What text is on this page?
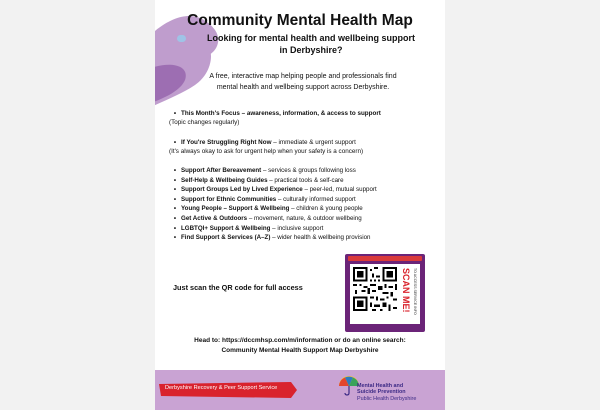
Community Mental Health Map
Looking for mental health and wellbeing support
in Derbyshire?
A free, interactive map helping people and professionals find
mental health and wellbeing support across Derbyshire.
• This Month's Focus – awareness, information, & access to support
(Topic changes regularly)
• If You're Struggling Right Now – immediate & urgent support
(It's always okay to ask for urgent help when your safety is a concern)
• Support After Bereavement – services & groups following loss
• Self-Help & Wellbeing Guides – practical tools & self-care
• Support Groups Led by Lived Experience – peer-led, mutual support
• Support for Ethnic Communities – culturally informed support
• Young People – Support & Wellbeing – children & young people
• Get Active & Outdoors – movement, nature, & outdoor wellbeing
• LGBTQI+ Support & Wellbeing – inclusive support
• Find Support & Services (A–Z) – wider health & wellbeing provision
Just scan the QR code for full access	SCAN ME! TO ACCESS SERVICE INFO
Head to: https://dccmhsp.com/m/information or do an online search:
Community Mental Health Support Map Derbyshire
Derbyshire Recovery & Peer Support Service	Mental Health and
Suicide Prevention
Public Health Derbyshire
